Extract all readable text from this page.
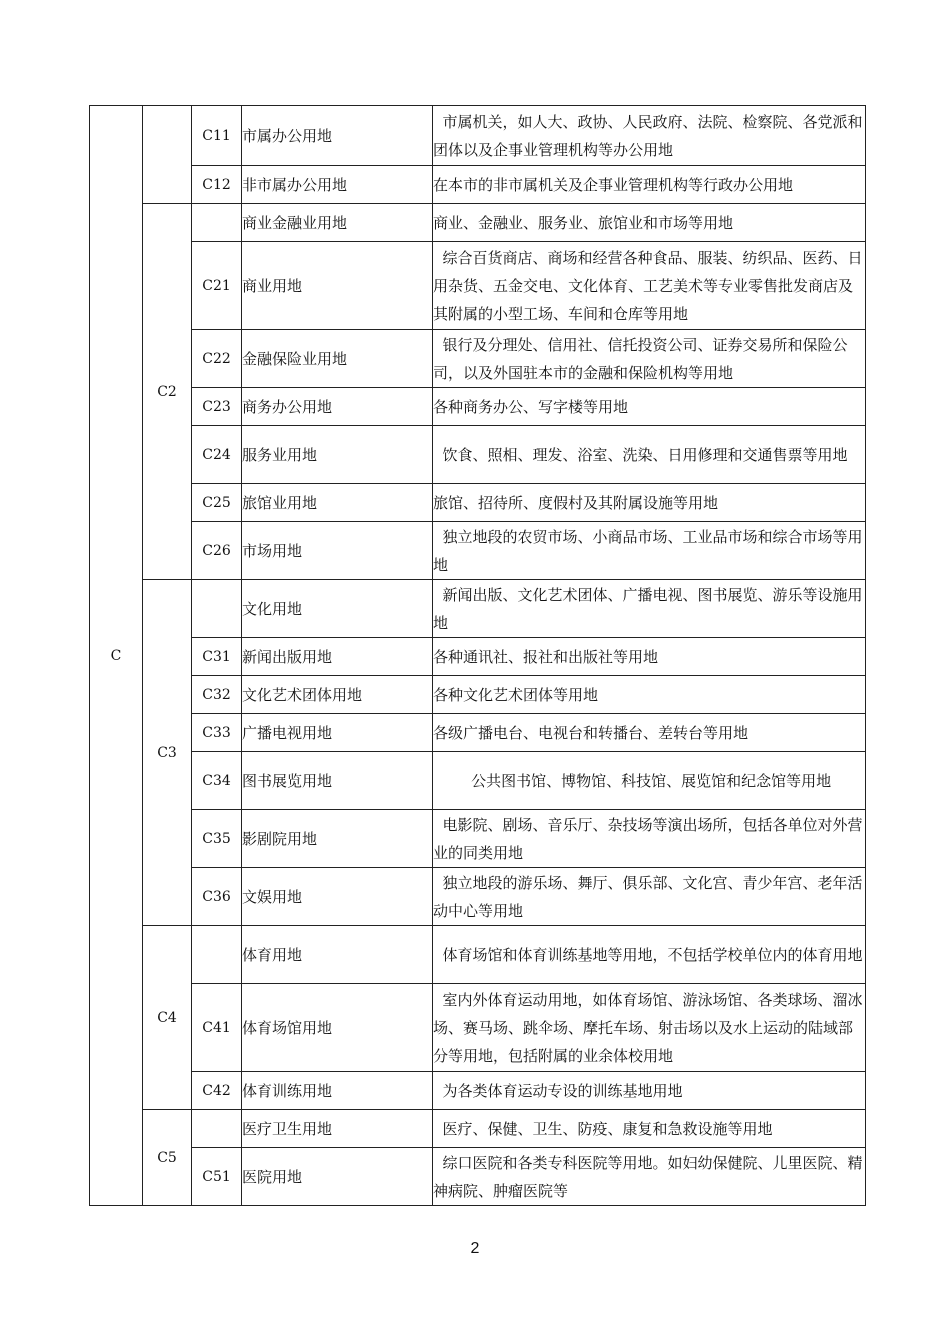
C		C11	市属办公用地	市属机关，如人大、政协、人民政府、法院、检察院、各党派和团体以及企事业管理机构等办公用地
		C12	非市属办公用地	在本市的非市属机关及企事业管理机构等行政办公用地
	C2		商业金融业用地	商业、金融业、服务业、旅馆业和市场等用地
		C21	商业用地	综合百货商店、商场和经营各种食品、服装、纺织品、医药、日用杂货、五金交电、文化体育、工艺美术等专业零售批发商店及其附属的小型工场、车间和仓库等用地
		C22	金融保险业用地	银行及分理处、信用社、信托投资公司、证券交易所和保险公司，以及外国驻本市的金融和保险机构等用地
		C23	商务办公用地	各种商务办公、写字楼等用地
		C24	服务业用地	饮食、照相、理发、浴室、洗染、日用修理和交通售票等用地
		C25	旅馆业用地	旅馆、招待所、度假村及其附属设施等用地
		C26	市场用地	独立地段的农贸市场、小商品市场、工业品市场和综合市场等用地
	C3		文化用地	新闻出版、文化艺术团体、广播电视、图书展览、游乐等设施用地
		C31	新闻出版用地	各种通讯社、报社和出版社等用地
		C32	文化艺术团体用地	各种文化艺术团体等用地
		C33	广播电视用地	各级广播电台、电视台和转播台、差转台等用地
		C34	图书展览用地	公共图书馆、博物馆、科技馆、展览馆和纪念馆等用地
		C35	影剧院用地	电影院、剧场、音乐厅、杂技场等演出场所，包括各单位对外营业的同类用地
		C36	文娱用地	独立地段的游乐场、舞厅、俱乐部、文化宫、青少年宫、老年活动中心等用地
	C4		体育用地	体育场馆和体育训练基地等用地，不包括学校单位内的体育用地
		C41	体育场馆用地	室内外体育运动用地，如体育场馆、游泳场馆、各类球场、溜冰场、赛马场、跳伞场、摩托车场、射击场以及水上运动的陆域部分等用地，包括附属的业余体校用地
		C42	体育训练用地	为各类体育运动专设的训练基地用地
	C5		医疗卫生用地	医疗、保健、卫生、防疫、康复和急救设施等用地
		C51	医院用地	综口医院和各类专科医院等用地。如妇幼保健院、儿里医院、精神病院、肿瘤医院等
2
